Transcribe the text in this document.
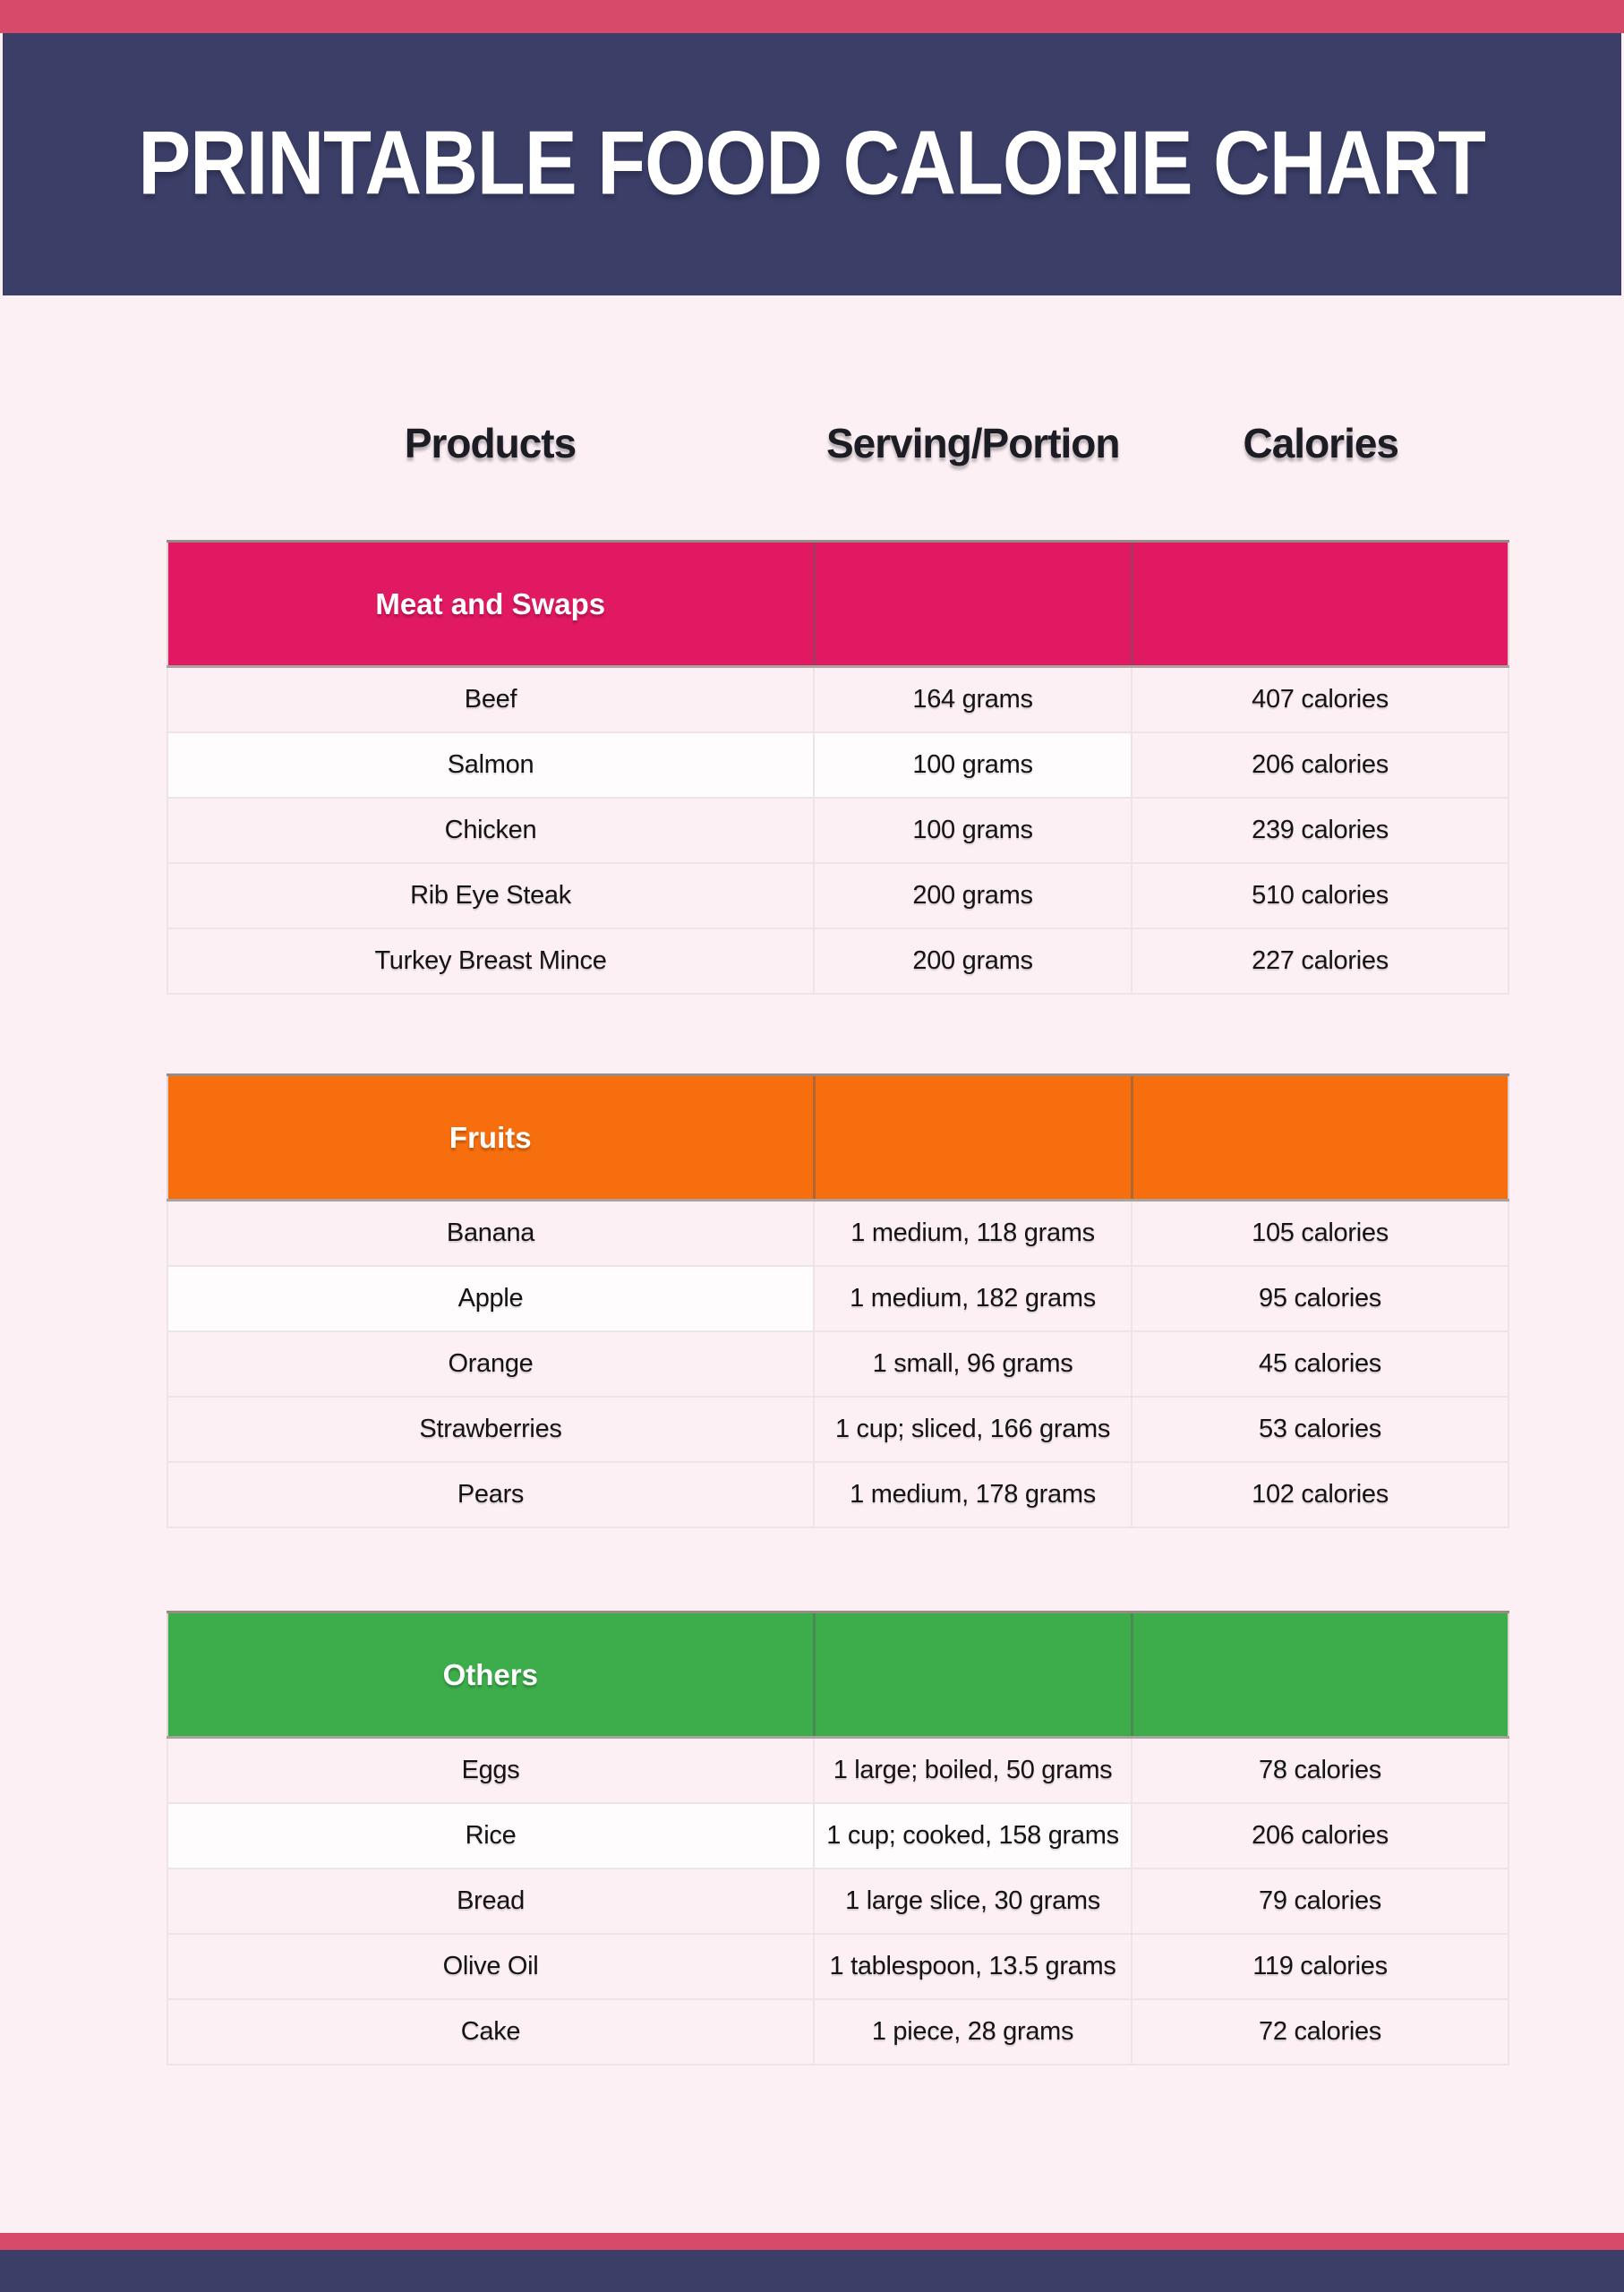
PRINTABLE FOOD CALORIE CHART
Products	Serving/Portion	Calories
Meat and Swaps		
Beef	164 grams	407 calories
Salmon	100 grams	206 calories
Chicken	100 grams	239 calories
Rib Eye Steak	200 grams	510 calories
Turkey Breast Mince	200 grams	227 calories
Fruits		
Banana	1 medium, 118 grams	105 calories
Apple	1 medium, 182 grams	95 calories
Orange	1 small, 96 grams	45 calories
Strawberries	1 cup; sliced, 166 grams	53 calories
Pears	1 medium, 178 grams	102 calories
Others		
Eggs	1 large; boiled, 50 grams	78 calories
Rice	1 cup; cooked, 158 grams	206 calories
Bread	1 large slice, 30 grams	79 calories
Olive Oil	1 tablespoon, 13.5 grams	119 calories
Cake	1 piece, 28 grams	72 calories
